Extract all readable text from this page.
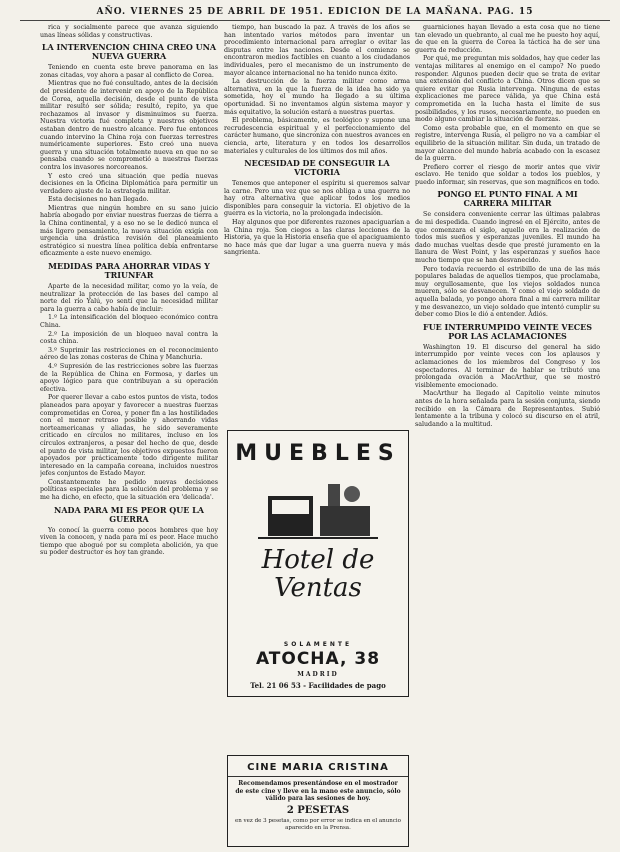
AÑO. VIERNES 25 DE ABRIL DE 1951. EDICION DE LA MAÑANA. PAG. 15

rica y socialmente parece que avanza siguiendo unas líneas sólidas y constructivas.

LA INTERVENCION CHINA CREO UNA NUEVA GUERRA

Teniendo en cuenta este breve panorama en las zonas citadas, voy ahora a pasar al conflicto de Corea.

Mientras que no fué consultado, antes de la decisión del presidente de intervenir en apoyo de la República de Corea, aquella decisión, desde el punto de vista militar resultó ser sólida; resultó, repito, ya que rechazamos al invasor y disminuimos su fuerza. Nuestra victoria fué completa y nuestros objetivos estaban dentro de nuestro alcance. Pero fue entonces cuando intervino la China roja con fuerzas terrestres numéricamente superiores. Esto creó una nueva guerra y una situación totalmente nueva en que no se pensaba cuando se comprometió a nuestras fuerzas contra los invasores norcoreanos.

Y esto creó una situación que pedía nuevas decisiones en la Oficina Diplomática para permitir un verdadero ajuste de la estrategia militar.

Esta decisiones no han llegado.

Mientras que ningún hombre en su sano juicio habría abogado por enviar nuestras fuerzas de tierra a la China continental, y a eso no se le dedicó nunca el más ligero pensamiento, la nueva situación exigía con urgencia una drástica revisión del planeamiento estratégico si nuestra línea política debía enfrentarse eficazmente a este nuevo enemigo.

MEDIDAS PARA AHORRAR VIDAS Y TRIUNFAR

Aparte de la necesidad militar, como yo la veía, de neutralizar la protección de las bases del campo al norte del río Yalú, yo sentí que la necesidad militar para la guerra a cabo había de incluir:

1.º La intensificación del bloqueo económico contra China.

2.º La imposición de un bloqueo naval contra la costa china.

3.º Suprimir las restricciones en el reconocimiento aéreo de las zonas costeras de China y Manchuria.

4.º Supresión de las restricciones sobre las fuerzas de la República de China en Formosa, y darles un apoyo lógico para que contribuyan a su operación efectiva.

Por querer llevar a cabo estos puntos de vista, todos planeados para apoyar y favorecer a nuestras fuerzas comprometidas en Corea, y poner fin a las hostilidades con el menor retraso posible y ahorrando vidas norteamericanas y aliadas, he sido severamente criticado en círculos no militares, incluso en los círculos extranjeros, a pesar del hecho de que, desde el punto de vista militar, los objetivos expuestos fueron apoyados por prácticamente todo dirigente militar interesado en la campaña coreana, incluidos nuestros jefes conjuntos de Estado Mayor.

Constantemente he pedido nuevas decisiones políticas especiales para la solución del problema y se me ha dicho, en efecto, que la situación era 'delicada'.

NADA PARA MI ES PEOR QUE LA GUERRA

Yo conocí la guerra como pocos hombres que hoy viven la conocen, y nada para mí es peor. Hace mucho tiempo que abogué por su completa abolición, ya que su poder destructor es hoy tan grande.

tiempo, han buscado la paz. A través de los años se han intentado varios métodos para inventar un procedimiento internacional para arreglar o evitar las disputas entre las naciones. Desde el comienzo se encontraron medios factibles en cuanto a los ciudadanos individuales, pero el mecanismo de un instrumento de mayor alcance internacional no ha tenido nunca éxito.

La destrucción de la fuerza militar como arma alternativa, en la que la fuerza de la idea ha sido ya sometida, hoy el mundo ha llegado a su última oportunidad. Si no inventamos algún sistema mayor y más equitativo, la solución estará a nuestras puertas.

El problema, básicamente, es teológico y supone una recrudescencia espiritual y el perfeccionamiento del carácter humano, que sincroniza con nuestros avances en ciencia, arte, literatura y en todos los desarrollos materiales y culturales de los últimos dos mil años.

NECESIDAD DE CONSEGUIR LA VICTORIA

Tenemos que anteponer el espíritu si queremos salvar la carne. Pero una vez que se nos obliga a una guerra no hay otra alternativa que aplicar todos los medios disponibles para conseguir la victoria. El objetivo de la guerra es la victoria, no la prolongada indecisión.

Hay algunos que por diferentes razones apaciguarían a la China roja. Son ciegos a las claras lecciones de la Historia, ya que la Historia enseña que el apaciguamiento no hace más que dar lugar a una guerra nueva y más sangrienta.

MUEBLES
Hotel de Ventas
SOLAMENTE
ATOCHA, 38
MADRID
Tel. 21 06 53 - Facilidades de pago
CINE MARIA CRISTINA
Recomendamos presentándose en el mostrador de este cine y lleve en la mano este anuncio, sólo válido para las sesiones de hoy.
2 PESETAS
en vez de 3 pesetas, como por error se indica en el anuncio aparecido en la Prensa.

guarniciones hayan llevado a esta cosa que no tiene tan elevado un quebranto, al cual me he puesto hoy aquí, de que en la guerra de Corea la táctica ha de ser una guerra de reducción.

Por qué, me preguntan mis soldados, hay que ceder las ventajas militares al enemigo en el campo? No puedo responder. Algunos pueden decir que se trata de evitar una extensión del conflicto a China. Otros dicen que se quiere evitar que Rusia intervenga. Ninguna de estas explicaciones me parece válida, ya que China está comprometida en la lucha hasta el límite de sus posibilidades, y los rusos, necesariamente, no pueden en modo alguno cambiar la situación de fuerzas.

Como esta probable que, en el momento en que se registre, intervenga Rusia, el peligro no va a cambiar el equilibrio de la situación militar. Sin duda, un tratado de mayor alcance del mundo habría acabado con la escasez de la guerra.

Prefiero correr el riesgo de morir antes que vivir esclavo. He tenido que soldar a todos los pueblos, y puedo informar, sin reservas, que son magníficos en todo.

PONGO EL PUNTO FINAL A MI CARRERA MILITAR

Se considera conveniente cerrar las últimas palabras de mi despedida. Cuando ingresé en el Ejército, antes de que comenzara el siglo, aquello era la realización de todos mis sueños y esperanzas juveniles. El mundo ha dado muchas vueltas desde que presté juramento en la llanura de West Point, y las esperanzas y sueños hace mucho tiempo que se han desvanecido.

Pero todavía recuerdo el estribillo de una de las más populares baladas de aquellos tiempos, que proclamaba, muy orgullosamente, que los viejos soldados nunca mueren, sólo se desvanecen. Y como el viejo soldado de aquella balada, yo pongo ahora final a mi carrera militar y me desvanezco, un viejo soldado que intentó cumplir su deber como Dios le dió a entender. Adiós.

FUE INTERRUMPIDO VEINTE VECES POR LAS ACLAMACIONES

Washington 19. El discurso del general ha sido interrumpido por veinte veces con los aplausos y aclamaciones de los miembros del Congreso y los espectadores. Al terminar de hablar se tributó una prolongada ovación a MacArthur, que se mostró visiblemente emocionado.

MacArthur ha llegado al Capitolio veinte minutos antes de la hora señalada para la sesión conjunta, siendo recibido en la Cámara de Representantes. Subió lentamente a la tribuna y colocó su discurso en el atril, saludando a la multitud.
